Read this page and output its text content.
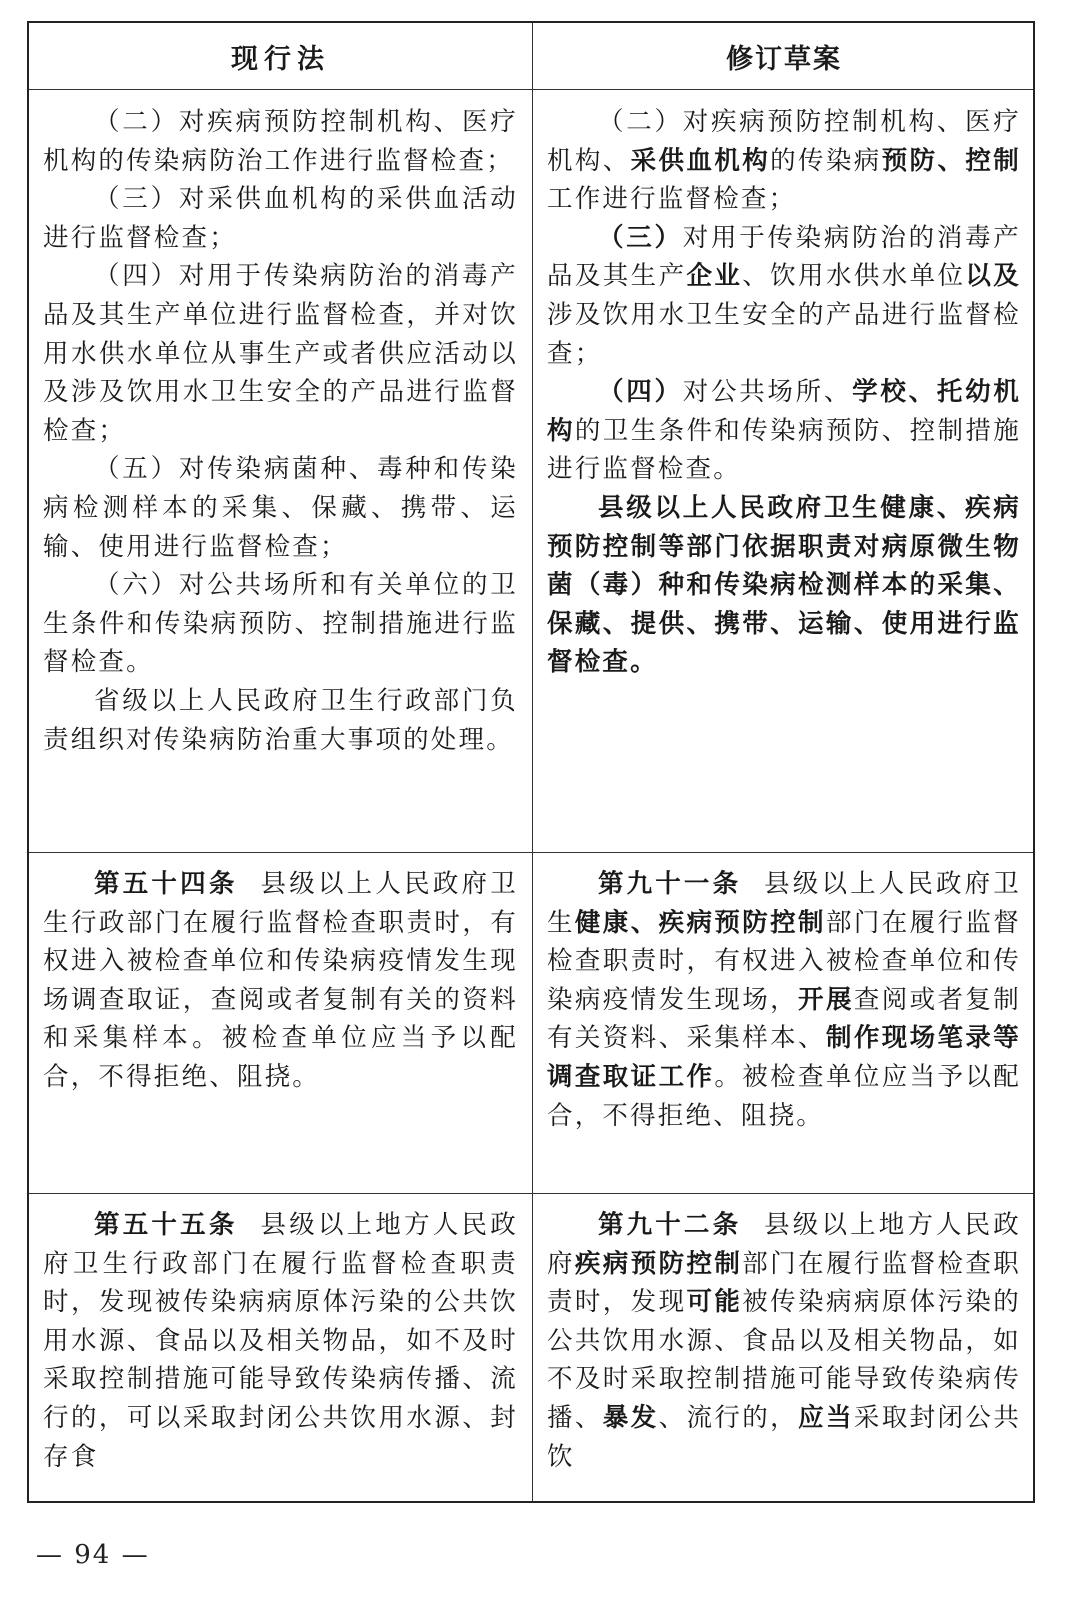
现行法	修订草案

（二）对疾病预防控制机构、医疗机构的传染病防治工作进行监督检查；

（三）对采供血机构的采供血活动进行监督检查；

（四）对用于传染病防治的消毒产品及其生产单位进行监督检查，并对饮用水供水单位从事生产或者供应活动以及涉及饮用水卫生安全的产品进行监督检查；

（五）对传染病菌种、毒种和传染病检测样本的采集、保藏、携带、运输、使用进行监督检查；

（六）对公共场所和有关单位的卫生条件和传染病预防、控制措施进行监督检查。

省级以上人民政府卫生行政部门负责组织对传染病防治重大事项的处理。

（二）对疾病预防控制机构、医疗机构、采供血机构的传染病预防、控制工作进行监督检查；

（三）对用于传染病防治的消毒产品及其生产企业、饮用水供水单位以及涉及饮用水卫生安全的产品进行监督检查；

（四）对公共场所、学校、托幼机构的卫生条件和传染病预防、控制措施进行监督检查。

县级以上人民政府卫生健康、疾病预防控制等部门依据职责对病原微生物菌（毒）种和传染病检测样本的采集、保藏、提供、携带、运输、使用进行监督检查。

第五十四条 县级以上人民政府卫生行政部门在履行监督检查职责时，有权进入被检查单位和传染病疫情发生现场调查取证，查阅或者复制有关的资料和采集样本。被检查单位应当予以配合，不得拒绝、阻挠。

第九十一条 县级以上人民政府卫生健康、疾病预防控制部门在履行监督检查职责时，有权进入被检查单位和传染病疫情发生现场，开展查阅或者复制有关资料、采集样本、制作现场笔录等调查取证工作。被检查单位应当予以配合，不得拒绝、阻挠。

第五十五条 县级以上地方人民政府卫生行政部门在履行监督检查职责时，发现被传染病病原体污染的公共饮用水源、食品以及相关物品，如不及时采取控制措施可能导致传染病传播、流行的，可以采取封闭公共饮用水源、封存食

第九十二条 县级以上地方人民政府疾病预防控制部门在履行监督检查职责时，发现可能被传染病病原体污染的公共饮用水源、食品以及相关物品，如不及时采取控制措施可能导致传染病传播、暴发、流行的，应当采取封闭公共饮

— 94 —
